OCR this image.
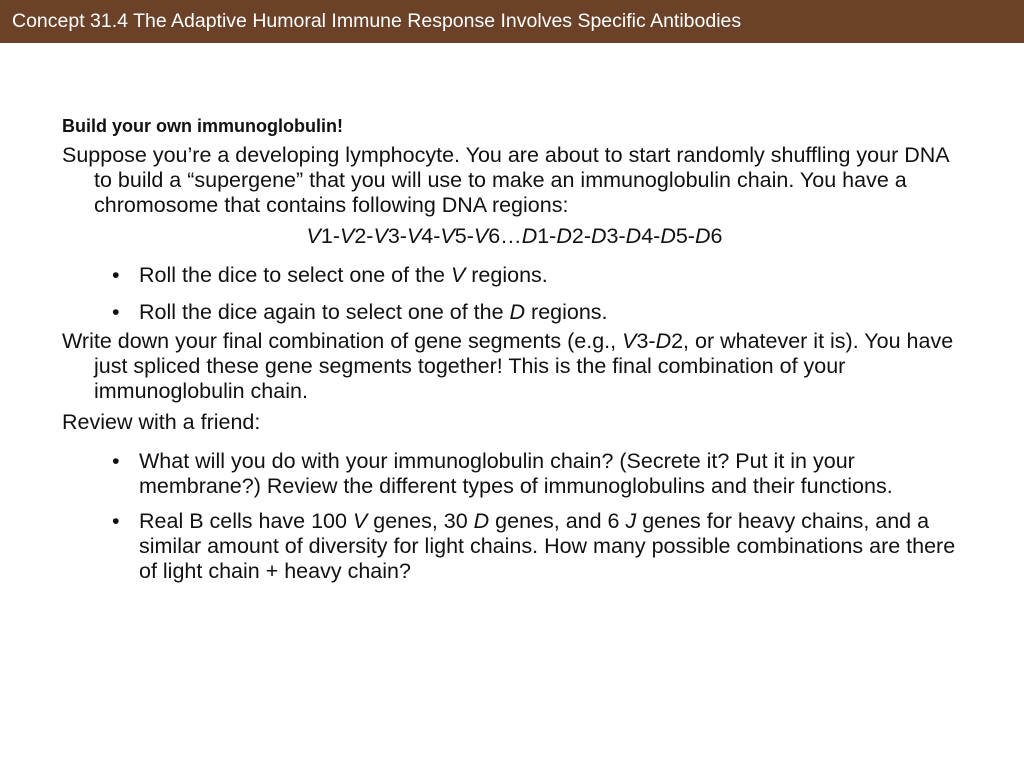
Concept 31.4 The Adaptive Humoral Immune Response Involves Specific Antibodies
Build your own immunoglobulin!
Suppose you’re a developing lymphocyte. You are about to start randomly shuffling your DNA to build a “supergene” that you will use to make an immunoglobulin chain. You have a chromosome that contains following DNA regions:
V1-V2-V3-V4-V5-V6…D1-D2-D3-D4-D5-D6
• Roll the dice to select one of the V regions.
• Roll the dice again to select one of the D regions.
Write down your final combination of gene segments (e.g., V3-D2, or whatever it is). You have just spliced these gene segments together! This is the final combination of your immunoglobulin chain.
Review with a friend:
• What will you do with your immunoglobulin chain? (Secrete it? Put it in your membrane?) Review the different types of immunoglobulins and their functions.
• Real B cells have 100 V genes, 30 D genes, and 6 J genes for heavy chains, and a similar amount of diversity for light chains. How many possible combinations are there of light chain + heavy chain?
